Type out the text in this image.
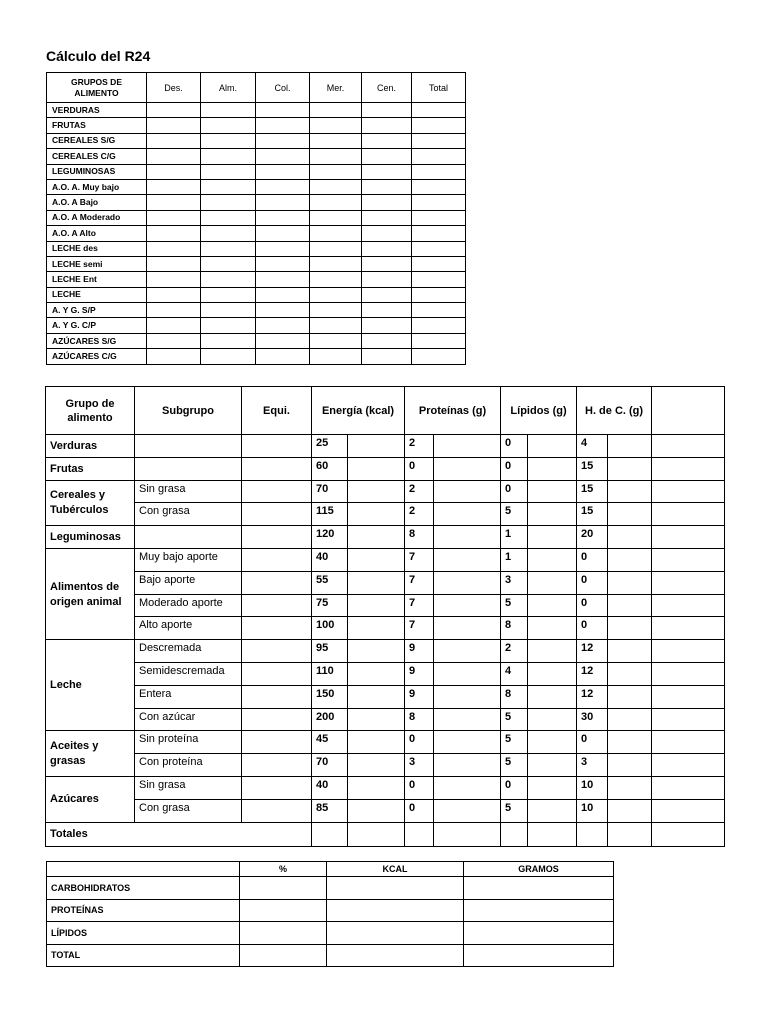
Cálculo del R24
GRUPOS DE ALIMENTO	Des.	Alm.	Col.	Mer.	Cen.	Total
VERDURAS						
FRUTAS						
CEREALES S/G						
CEREALES C/G						
LEGUMINOSAS						
A.O. A. Muy bajo						
A.O. A Bajo						
A.O. A Moderado						
A.O. A Alto						
LECHE des						
LECHE semi						
LECHE Ent						
LECHE						
A. Y G. S/P						
A. Y G. C/P						
AZÚCARES S/G						
AZÚCARES C/G						
Grupo de alimento	Subgrupo	Equi.	Energía (kcal)		Proteínas (g)		Lípidos (g)		H. de C. (g)		
Verduras			25		2		0		4		
Frutas			60		0		0		15		
Cereales y Tubérculos	Sin grasa		70		2		0		15		
	Con grasa		115		2		5		15		
Leguminosas			120		8		1		20		
Alimentos de origen animal	Muy bajo aporte		40		7		1		0		
	Bajo aporte		55		7		3		0		
	Moderado aporte		75		7		5		0		
	Alto aporte		100		7		8		0		
Leche	Descremada		95		9		2		12		
	Semidescremada		110		9		4		12		
	Entera		150		9		8		12		
	Con azúcar		200		8		5		30		
Aceites y grasas	Sin proteína		45		0		5		0		
	Con proteína		70		3		5		3		
Azúcares	Sin grasa		40		0		0		10		
	Con grasa		85		0		5		10		
Totales											
	%	KCAL	GRAMOS
CARBOHIDRATOS			
PROTEÍNAS			
LÍPIDOS			
TOTAL			
